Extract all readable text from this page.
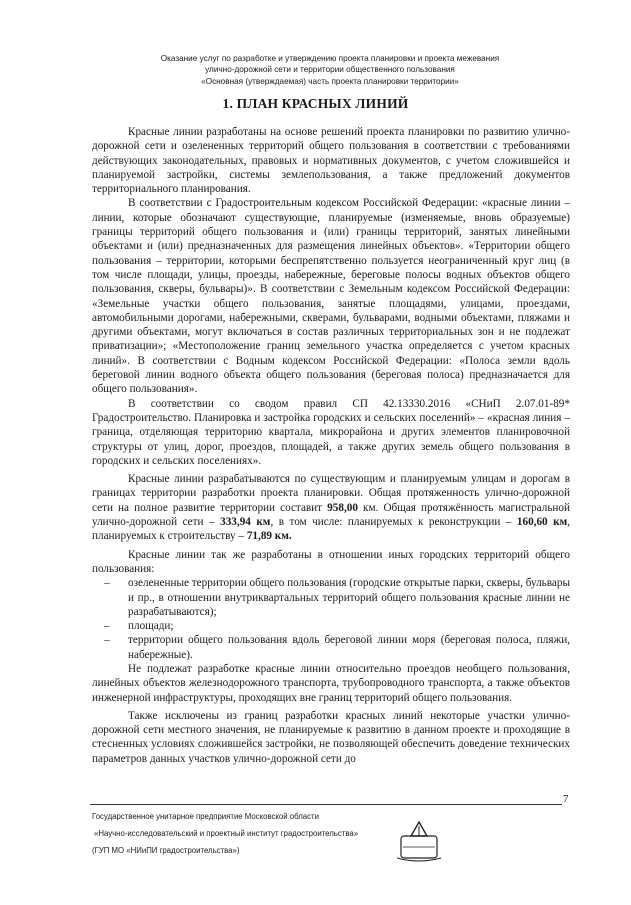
Оказание услуг по разработке и утверждению проекта планировки и проекта межевания
улично-дорожной сети и территории общественного пользования
«Основная (утверждаемая) часть проекта планировки территории»
1. ПЛАН КРАСНЫХ ЛИНИЙ

Красные линии разработаны на основе решений проекта планировки по развитию улично-дорожной сети и озелененных территорий общего пользования в соответствии с требованиями действующих законодательных, правовых и нормативных документов, с учетом сложившейся и планируемой застройки, системы землепользования, а также предложений документов территориального планирования.

В соответствии с Градостроительным кодексом Российской Федерации: «красные линии – линии, которые обозначают существующие, планируемые (изменяемые, вновь образуемые) границы территорий общего пользования и (или) границы территорий, занятых линейными объектами и (или) предназначенных для размещения линейных объектов». «Территории общего пользования – территории, которыми беспрепятственно пользуется неограниченный круг лиц (в том числе площади, улицы, проезды, набережные, береговые полосы водных объектов общего пользования, скверы, бульвары)». В соответствии с Земельным кодексом Российской Федерации: «Земельные участки общего пользования, занятые площадями, улицами, проездами, автомобильными дорогами, набережными, скверами, бульварами, водными объектами, пляжами и другими объектами, могут включаться в состав различных территориальных зон и не подлежат приватизации»; «Местоположение границ земельного участка определяется с учетом красных линий». В соответствии с Водным кодексом Российской Федерации: «Полоса земли вдоль береговой линии водного объекта общего пользования (береговая полоса) предназначается для общего пользования».

В соответствии со сводом правил СП 42.13330.2016 «СНиП 2.07.01-89* Градостроительство. Планировка и застройка городских и сельских поселений» – «красная линия – граница, отделяющая территорию квартала, микрорайона и других элементов планировочной структуры от улиц, дорог, проездов, площадей, а также других земель общего пользования в городских и сельских поселениях».

Красные линии разрабатываются по существующим и планируемым улицам и дорогам в границах территории разработки проекта планировки. Общая протяженность улично-дорожной сети на полное развитие территории составит 958,00 км. Общая протяжённость магистральной улично-дорожной сети – 333,94 км, в том числе: планируемых к реконструкции – 160,60 км, планируемых к строительству – 71,89 км.

Красные линии так же разработаны в отношении иных городских территорий общего пользования:

–	озелененные территории общего пользования (городские открытые парки, скверы, бульвары и пр., в отношении внутриквартальных территорий общего пользования красные линии не разрабатываются);
–	площади;
–	территории общего пользования вдоль береговой линии моря (береговая полоса, пляжи, набережные).

Не подлежат разработке красные линии относительно проездов необщего пользования, линейных объектов железнодорожного транспорта, трубопроводного транспорта, а также объектов инженерной инфраструктуры, проходящих вне границ территорий общего пользования.

Также исключены из границ разработки красных линий некоторые участки улично-дорожной сети местного значения, не планируемые к развитию в данном проекте и проходящие в стесненных условиях сложившейся застройки, не позволяющей обеспечить доведение технических параметров данных участков улично-дорожной сети до

7
Государственное унитарное предприятие Московской области
«Научно-исследовательский и проектный институт градостроительства»
(ГУП МО «НИиПИ градостроительства»)
